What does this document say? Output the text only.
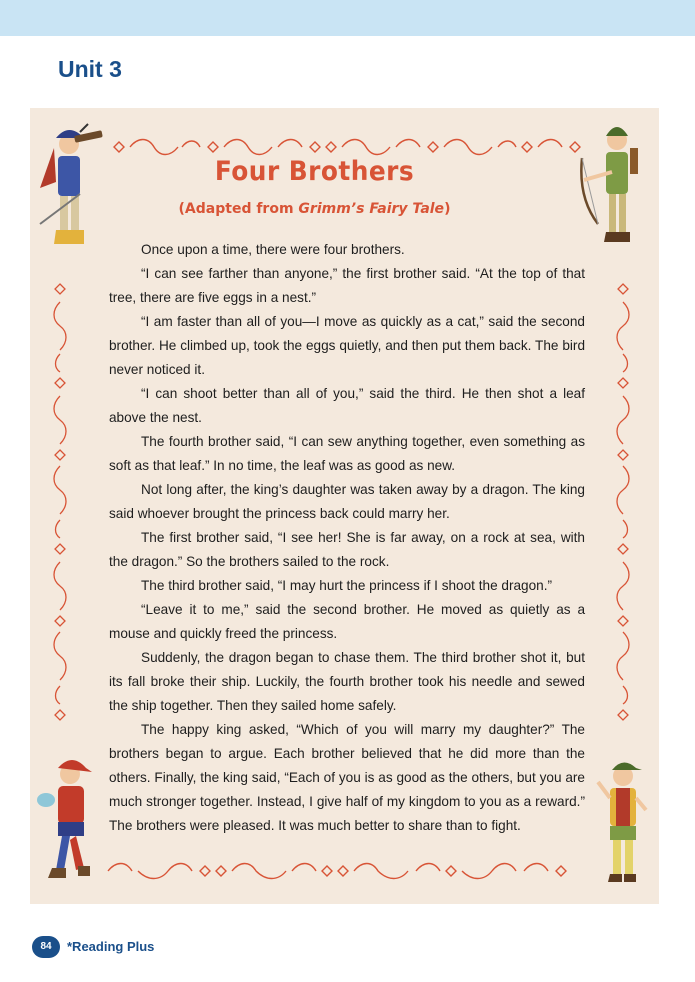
Unit 3
Four Brothers
(Adapted from Grimm’s Fairy Tale)

Once upon a time, there were four brothers.

“I can see farther than anyone,” the first brother said. “At the top of that tree, there are five eggs in a nest.”

“I am faster than all of you—I move as quickly as a cat,” said the second brother. He climbed up, took the eggs quietly, and then put them back. The bird never noticed it.

“I can shoot better than all of you,” said the third. He then shot a leaf above the nest.

The fourth brother said, “I can sew anything together, even something as soft as that leaf.” In no time, the leaf was as good as new.

Not long after, the king’s daughter was taken away by a dragon. The king said whoever brought the princess back could marry her.

The first brother said, “I see her! She is far away, on a rock at sea, with the dragon.” So the brothers sailed to the rock.

The third brother said, “I may hurt the princess if I shoot the dragon.”

“Leave it to me,” said the second brother. He moved as quietly as a mouse and quickly freed the princess.

Suddenly, the dragon began to chase them. The third brother shot it, but its fall broke their ship. Luckily, the fourth brother took his needle and sewed the ship together. Then they sailed home safely.

The happy king asked, “Which of you will marry my daughter?” The brothers began to argue. Each brother believed that he did more than the others. Finally, the king said, “Each of you is as good as the others, but you are much stronger together. Instead, I give half of my kingdom to you as a reward.” The brothers were pleased. It was much better to share than to fight.

84	*Reading Plus
